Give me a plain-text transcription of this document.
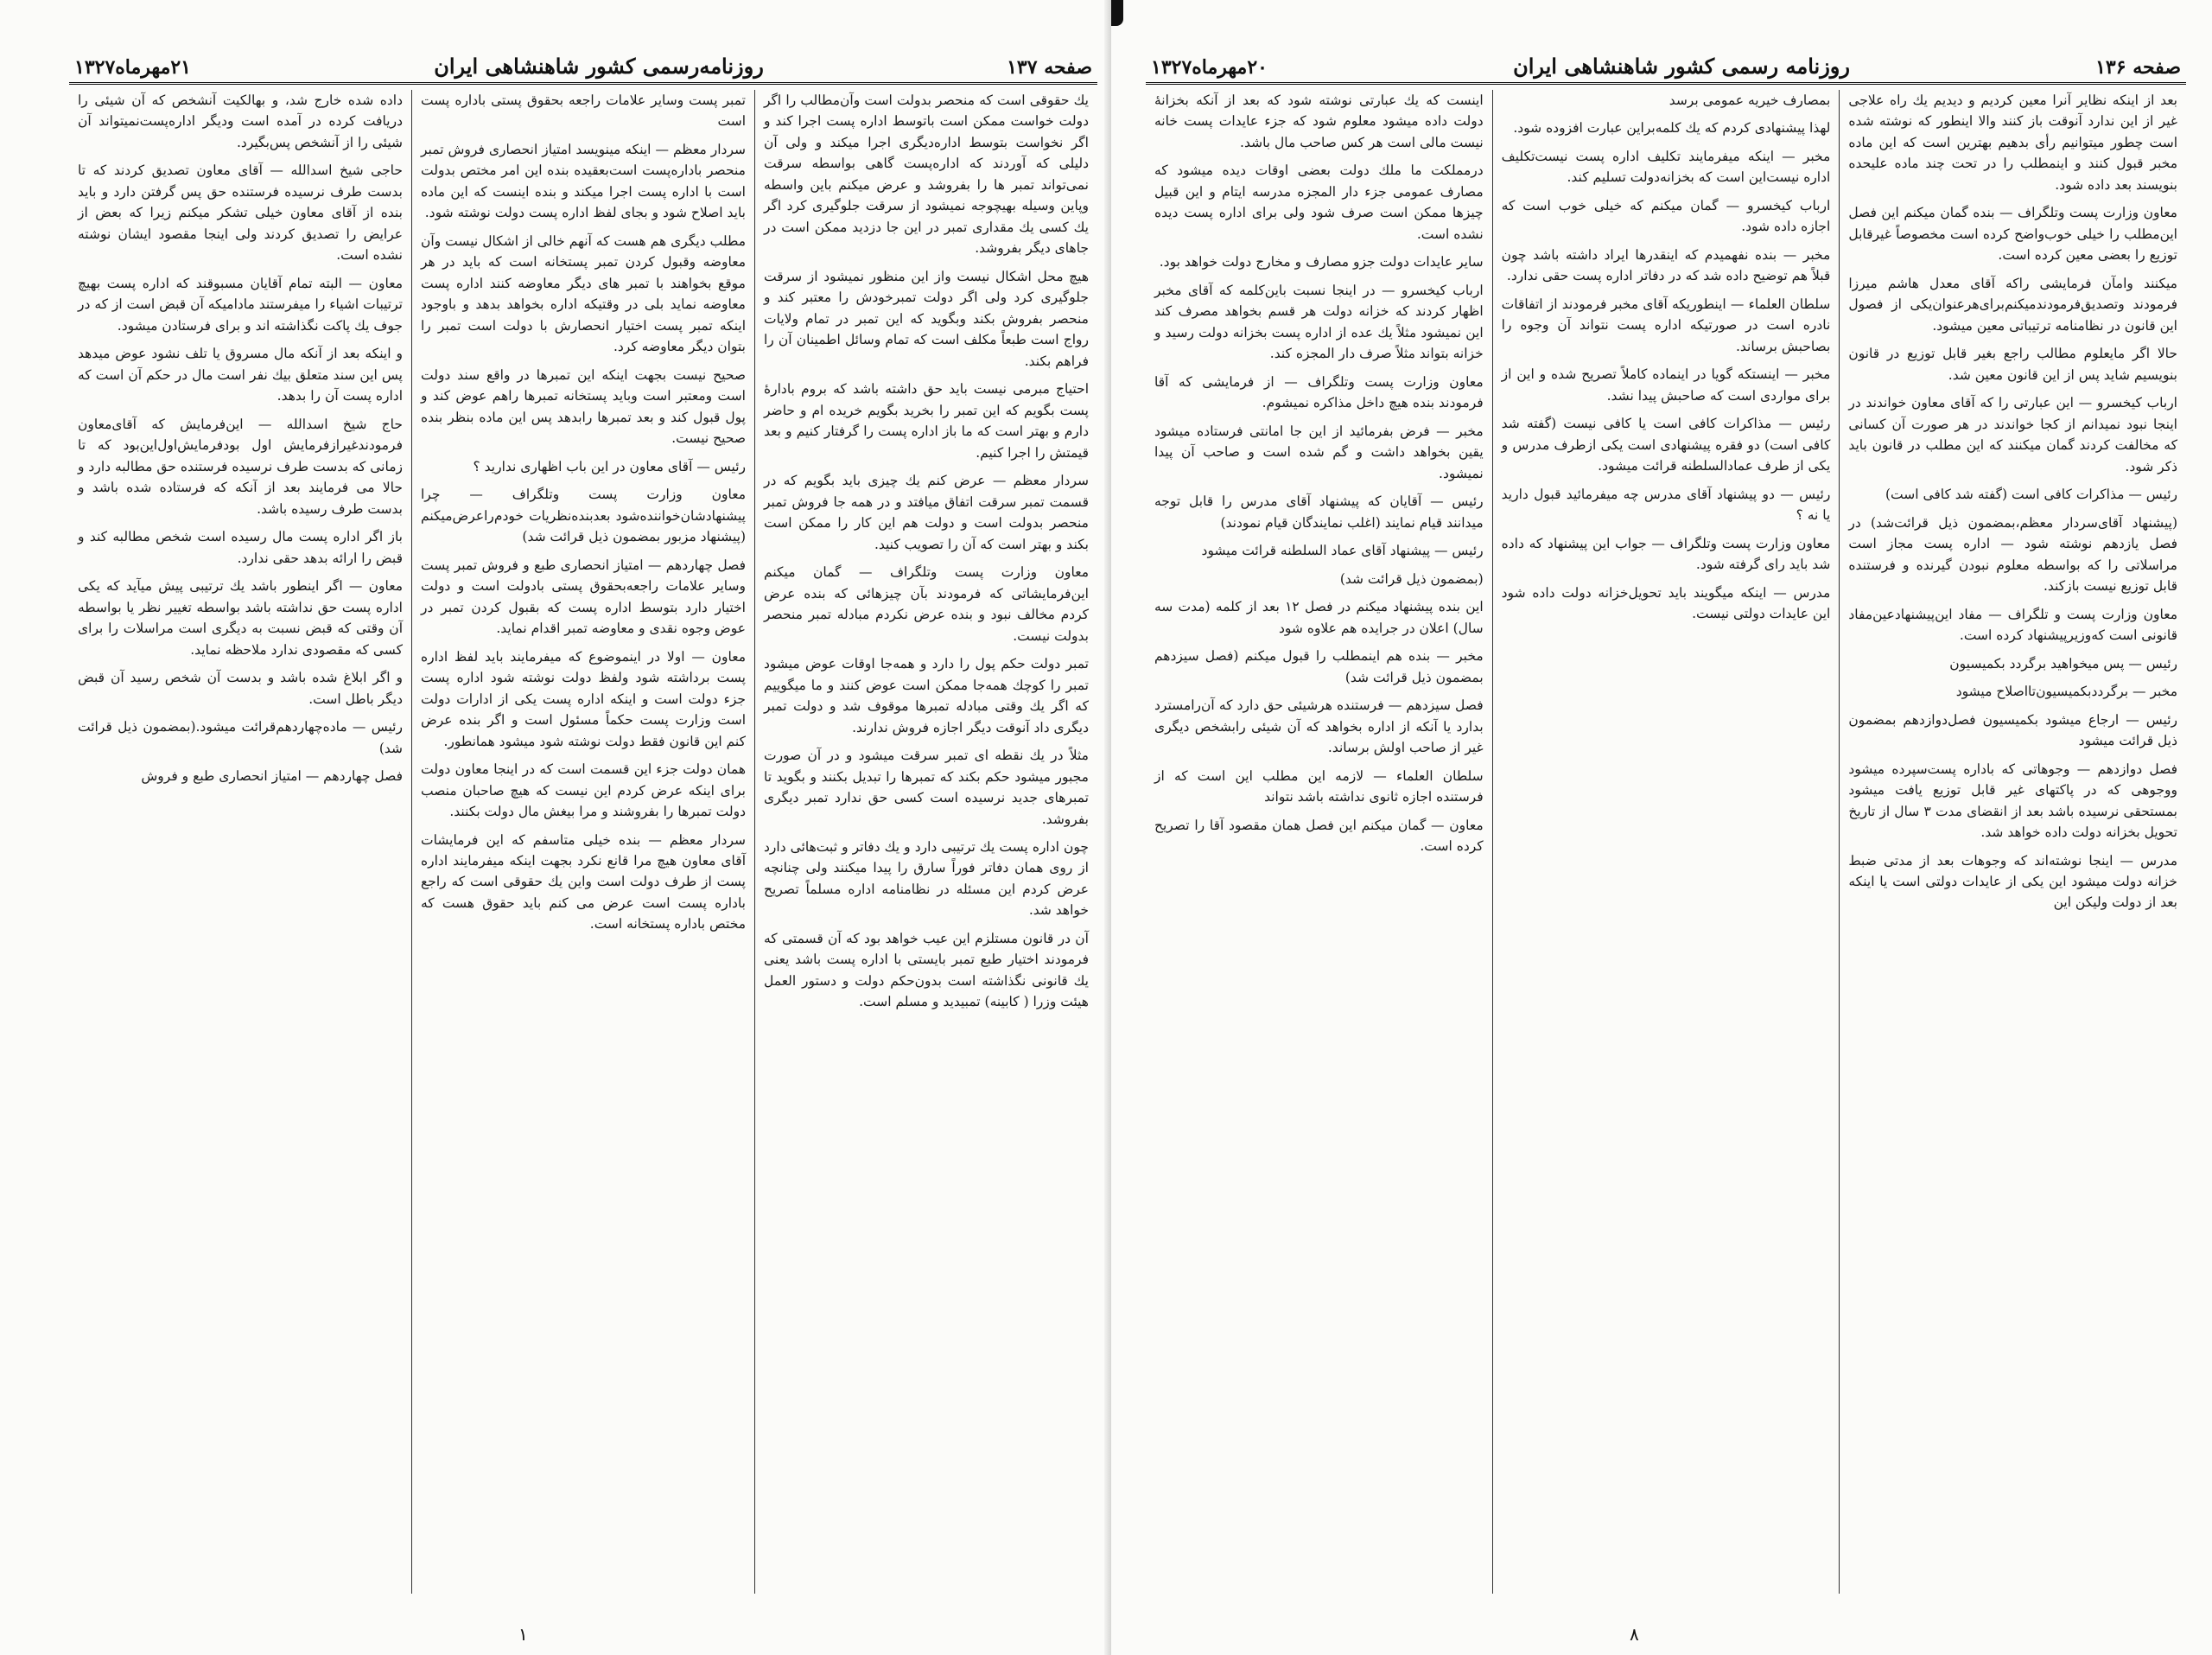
صفحه ۱۳۷
روزنامه‌رسمی کشور شاهنشاهی ایران
۲۱مهرماه۱۳۲۷

یك حقوقی است که منحصر بدولت است وآن‌مطالب را اگر دولت خواست ممکن است باتوسط اداره پست اجرا کند و اگر نخواست بتوسط اداره‌دیگری اجرا میکند و ولی آن دلیلی که آوردند که اداره‌پست گاهی بواسطه سرقت نمی‌تواند تمبر ها را بفروشد و عرض میکنم باین واسطه وپاین وسیله بهیچوجه نمیشود از سرقت جلوگیری کرد اگر یك کسی یك مقداری تمبر در این جا دزدید ممکن است در جاهای دیگر بفروشد.

هیچ محل اشکال نیست واز این منظور نمیشود از سرقت جلوگیری کرد ولی اگر دولت تمبرخودش را معتبر کند و منحصر بفروش بکند وبگوید که این تمبر در تمام ولایات رواج است طبعاً مکلف است که تمام وسائل اطمینان آن را فراهم بکند.

احتیاج مبرمی نیست باید حق داشته باشد که بروم بادارهٔ پست بگویم که این تمبر را بخرید بگویم خریده ام و حاضر دارم و بهتر است که ما باز اداره پست را گرفتار کنیم و بعد قیمتش را اجرا کنیم.

سردار معظم — عرض کنم یك چیزی باید بگویم که در قسمت تمبر سرقت اتفاق میافتد و در همه جا فروش تمبر منحصر بدولت است و دولت هم این کار را ممکن است بکند و بهتر است که آن را تصویب کنید.

معاون وزارت پست وتلگراف — گمان میکنم این‌فرمایشاتی که فرمودند بآن چیزهائی که بنده عرض کردم مخالف نبود و بنده عرض نکردم مبادله تمبر منحصر بدولت نیست.

تمبر دولت حکم پول را دارد و همه‌جا اوقات عوض میشود تمبر را کوچك همه‌جا ممکن است عوض کنند و ما میگوییم که اگر یك وقتی مبادله تمبرها موقوف شد و دولت تمبر دیگری داد آنوقت دیگر اجازه فروش ندارند.

مثلاً در یك نقطه ای تمبر سرقت میشود و در آن صورت مجبور میشود حکم بکند که تمبرها را تبدیل بکنند و بگوید تا تمبرهای جدید نرسیده است کسی حق ندارد تمبر دیگری بفروشد.

چون اداره پست یك ترتیبی دارد و یك دفاتر و ثبت‌هائی دارد از روی همان دفاتر فوراً سارق را پیدا میکنند ولی چنانچه عرض کردم این مسئله در نظامنامه اداره مسلماً تصریح خواهد شد.

آن در قانون مستلزم این عیب خواهد بود که آن قسمتی که فرمودند اختیار طبع تمبر بایستی با اداره پست باشد یعنی یك قانونی نگذاشته است بدون‌حکم دولت و دستور العمل هیئت وزرا ( کابینه) تمبیدید و مسلم است.

تمبر پست وسایر علامات راجعه بحقوق پستی باداره پست است

سردار معظم — اینکه مینویسد امتیاز انحصاری فروش تمبر منحصر باداره‌پست است‌بعقیده بنده این امر مختص بدولت است با اداره پست اجرا میکند و بنده اینست که این ماده باید اصلاح شود و بجای لفظ اداره پست دولت نوشته شود.

مطلب دیگری هم هست که آنهم خالی از اشکال نیست وآن معاوضه وقبول کردن تمبر پستخانه است که باید در هر موقع بخواهند با تمبر های دیگر معاوضه کنند اداره پست معاوضه نماید بلی در وقتیکه اداره بخواهد بدهد و باوجود اینکه تمبر پست اختیار انحصارش با دولت است تمبر را بتوان دیگر معاوضه کرد.

صحیح نیست بجهت اینکه این تمبرها در واقع سند دولت است ومعتبر است وباید پستخانه تمبرها راهم عوض کند و پول قبول کند و بعد تمبرها رابدهد پس این ماده بنظر بنده صحیح نیست.

رئیس — آقای معاون در این باب اظهاری ندارید ؟

معاون وزارت پست وتلگراف — چرا پیشنهاد‌شان‌خواننده‌شود بعد‌بنده‌نظریات خودم‌را‌عرض‌میکنم (پیشنهاد مزبور بمضمون ذیل قرائت شد)

فصل چهاردهم — امتیاز انحصاری طبع و فروش تمبر پست وسایر علامات راجعه‌بحقوق پستی بادولت است و دولت اختیار دارد بتوسط اداره پست که بقبول کردن تمبر در عوض وجوه نقدی و معاوضه تمبر اقدام نماید.

معاون — اولا در اینموضوع که میفرمایند باید لفظ اداره پست برداشته شود ولفظ دولت نوشته شود اداره پست جزء دولت است و اینکه اداره پست یکی از ادارات دولت است وزارت پست حکماً مسئول است و اگر بنده عرض کنم این قانون فقط دولت نوشته شود میشود همانطور.

همان دولت جزء این قسمت است که در اینجا معاون دولت ‌برای اینکه عرض کردم این نیست که هیچ صاحبان منصب دولت تمبرها را بفروشند و مرا بیغش مال‌ دولت بکنند.

سردار معظم — بنده خیلی متاسفم که این فرمایشات آقای معاون هیچ مرا قانع نکرد بجهت اینکه میفرمایند اداره پست از طرف دولت است واین یك حقوقی است که راجع باداره پست است عرض می کنم باید حقوق هست که مختص باداره پستخانه است.

داده شده خارج شد، و بهالکیت آنشخص که آن شیئی را دریافت کرده در آمده است ودیگر اداره‌پست‌نمیتواند آن شیئی را از آنشخص پس‌بگیرد.

حاجی شیخ اسدالله — آقای معاون تصدیق کردند که تا بدست طرف نرسیده فرستنده حق پس گرفتن دارد و باید بنده از آقای معاون خیلی تشکر میکنم زیرا که بعض از عرایض را تصدیق کردند ولی اینجا مقصود ایشان نوشته نشده است.

معاون — البته تمام آقایان مسبوقند که اداره پست بهیچ ترتیبات اشیاء را میفرستند مادامیکه آن قبض است از که در جوف یك پاکت نگذاشته اند و برای فرستادن میشود.

و اینکه بعد از آنکه مال مسروق یا تلف نشود عوض میدهد پس این سند متعلق بیك نفر است مال در حکم آن است که اداره پست آن را بدهد.

حاج شیخ اسدالله — این‌فرمایش که آقای‌معاون فرمودند‌غیرازفرمایش اول بود‌فرمایش‌اول‌این‌بود که تا زمانی که بدست طرف نرسیده فرستنده حق مطالبه دارد و حالا می فرمایند بعد از آنکه که فرستاده شده باشد و بدست طرف رسیده باشد.

باز اگر اداره پست مال رسیده است شخص مطالبه کند و قبض را ارائه بدهد حقی ندارد.

معاون — اگر اینطور باشد یك ترتیبی پیش میآید که یکی اداره پست حق نداشته باشد بواسطه تغییر نظر یا بواسطه آن وقتی که قبض نسبت به دیگری است مراسلات را برای کسی که مقصودی ندارد ملاحظه نماید.

و اگر ابلاغ شده باشد و بدست آن شخص رسید آن قبض دیگر باطل است.

رئیس — ماده‌چهاردهم‌قرائت میشود.(بمضمون ذیل قرائت شد)

فصل چهاردهم — امتیاز انحصاری طبع و فروش

۱
صفحه ۱۳۶
روزنامه رسمی کشور شاهنشاهی ایران
۲۰مهرماه۱۳۲۷

بعد از اینکه نظایر آنرا معین کردیم و دیدیم یك راه علاجی غیر از این ندارد آنوقت باز کنند والا اینطور که نوشته شده است چطور میتوانیم رأی بدهیم بهترین است که این ماده مخبر قبول کنند و اینمطلب را در تحت چند ماده علیحده بنویسند بعد داده شود.

معاون وزارت پست وتلگراف — بنده گمان میکنم این فصل این‌مطلب را خیلی خوب‌واضح کرده است مخصوصاً غیرقابل توزیع را بعضی معین کرده است.

میکنند وامآن فرمایشی راکه آقای معدل هاشم میرزا فرمودند‌ وتصدیق‌فرمودند‌میکنم‌برای‌هرعنوان‌یکی از فصول این قانون در نظامنامه ترتیباتی معین میشود.

حالا اگر مایعلوم مطالب راجع بغیر قابل توزیع در قانون بنویسیم شاید پس از این قانون معین شد.

ارباب کیخسرو — این عبارتی را که آقای معاون خواندند در اینجا نبود نمیدانم از کجا خواندند در هر صورت آن کسانی که مخالفت کردند گمان میکنند که این مطلب در قانون باید ذکر شود.

رئیس — مذاکرات کافی است (گفته شد کافی است)

(پیشنهاد آقای‌سردار معظم،بمضمون‌ ذیل قرائت‌شد) در فصل یازدهم نوشته شود — اداره پست مجاز است مراسلاتی را که بواسطه معلوم نبودن گیرنده و فرستنده قابل توزیع نیست بازکند.

معاون وزارت پست و تلگراف — مفاد این‌پیشنهاد‌عین‌مفاد قانونی است که‌وزیر‌پیشنهاد کرده است.

رئیس — پس میخواهید برگردد بکمیسیون

مخبر — برگردد‌بکمیسیون‌تا‌اصلاح میشود

رئیس — ارجاع میشود بکمیسیون فصل‌دوازدهم‌ بمضمون ذیل قرائت میشود

فصل دوازدهم — وجوهاتی که باداره پست‌سپرده میشود ووجوهی که در پاکتهای غیر قابل توزیع یافت میشود بمستحقی نرسیده باشد بعد از انقضای مدت ۳ سال از تاریخ تحویل بخزانه دولت داده خواهد شد.

مدرس — اینجا نوشته‌اند که وجوهات بعد از مدتی ضبط خزانه دولت میشود این یکی از عایدات دولتی است یا اینکه بعد از دولت ولیکن این

بمصارف خیریه عمومی برسد

لهذا پیشنهادی کردم که یك کلمه‌براین عبارت افزوده شود.

مخبر — اینکه میفرمایند تکلیف اداره پست نیست‌تکلیف اداره نیست‌این است که بخزانه‌دولت تسلیم کند.

ارباب کیخسرو — گمان میکنم که خیلی خوب است که اجازه داده شود.

مخبر — بنده نفهمیدم که اینقدرها ایراد داشته باشد چون قبلاً هم توضیح داده شد که در دفاتر اداره پست حقی ندارد.

سلطان العلماء — اینطوریکه آقای مخبر فرمودند از اتفاقات نادره است در صورتیکه اداره پست نتواند آن وجوه را بصاحبش برساند.

مخبر — اینستکه گویا در اینماده کاملاً تصریح شده و این از برای مواردی است که صاحبش پیدا نشد.

رئیس — مذاکرات کافی است یا کافی نیست (گفته شد کافی است) دو فقره پیشنهادی است یکی ازطرف مدرس و یکی از طرف عماد‌السلطنه قرائت میشود.

رئیس — دو پیشنهاد آقای مدرس چه میفرمائید قبول دارید یا نه ؟

معاون وزارت پست وتلگراف — جواب این پیشنهاد که داده شد باید رای گرفته شود.

مدرس — اینکه میگویند باید تحویل‌خزانه دولت داده شود این عایدات دولتی نیست.

اینست که یك عبارتی نوشته شود که بعد از آنکه بخزانهٔ دولت داده میشود معلوم شود که جزء عایدات پست خانه نیست مالی است هر کس صاحب مال باشد.

درمملکت ما ملك دولت بعضی اوقات دیده میشود که مصارف عمومی جزء دار المجزه مدرسه ایتام و این قبیل چیزها ممکن است صرف شود ولی برای اداره پست دیده نشده است.

سایر عایدات دولت جزو مصارف و مخارج دولت خواهد بود.

ارباب کیخسرو — در اینجا نسبت باین‌کلمه که آقای مخبر اظهار کردند که خزانه دولت هر قسم بخواهد مصرف کند این نمیشود مثلاً یك عده از اداره پست بخزانه دولت رسید و خزانه بتواند مثلاً صرف دار المجزه کند.

معاون وزارت پست وتلگراف — از فرمایشی که آقا فرمودند بنده هیچ داخل مذاکره نمیشوم.

مخبر — فرض بفرمائید از این جا امانتی فرستاده میشود یقین بخواهد داشت و گم شده است و صاحب آن پیدا نمیشود.

رئیس — آقایان که پیشنهاد آقای مدرس را قابل توجه میدانند قیام نمایند (اغلب نمایندگان قیام نمودند)

رئیس — پیشنهاد آقای عماد السلطنه قرائت میشود

(بمضمون ذیل قرائت شد)

این بنده پیشنهاد میکنم در فصل ۱۲ بعد از کلمه (مدت سه سال) اعلان در جرایده هم علاوه شود

مخبر — بنده هم اینمطلب را قبول میکنم (فصل سیزدهم بمضمون ذیل قرائت شد)

فصل سیزدهم — فرستنده هرشیئی حق دارد که آن‌رامسترد بدارد یا آنکه از اداره بخواهد که آن شیئی رابشخص دیگری غیر از صاحب اولش برساند.

سلطان العلماء — لازمه این مطلب این است که از فرستنده اجازه ثانوی نداشته باشد نتواند

معاون — گمان میکنم این فصل همان مقصود آقا را تصریح کرده است.

۸
